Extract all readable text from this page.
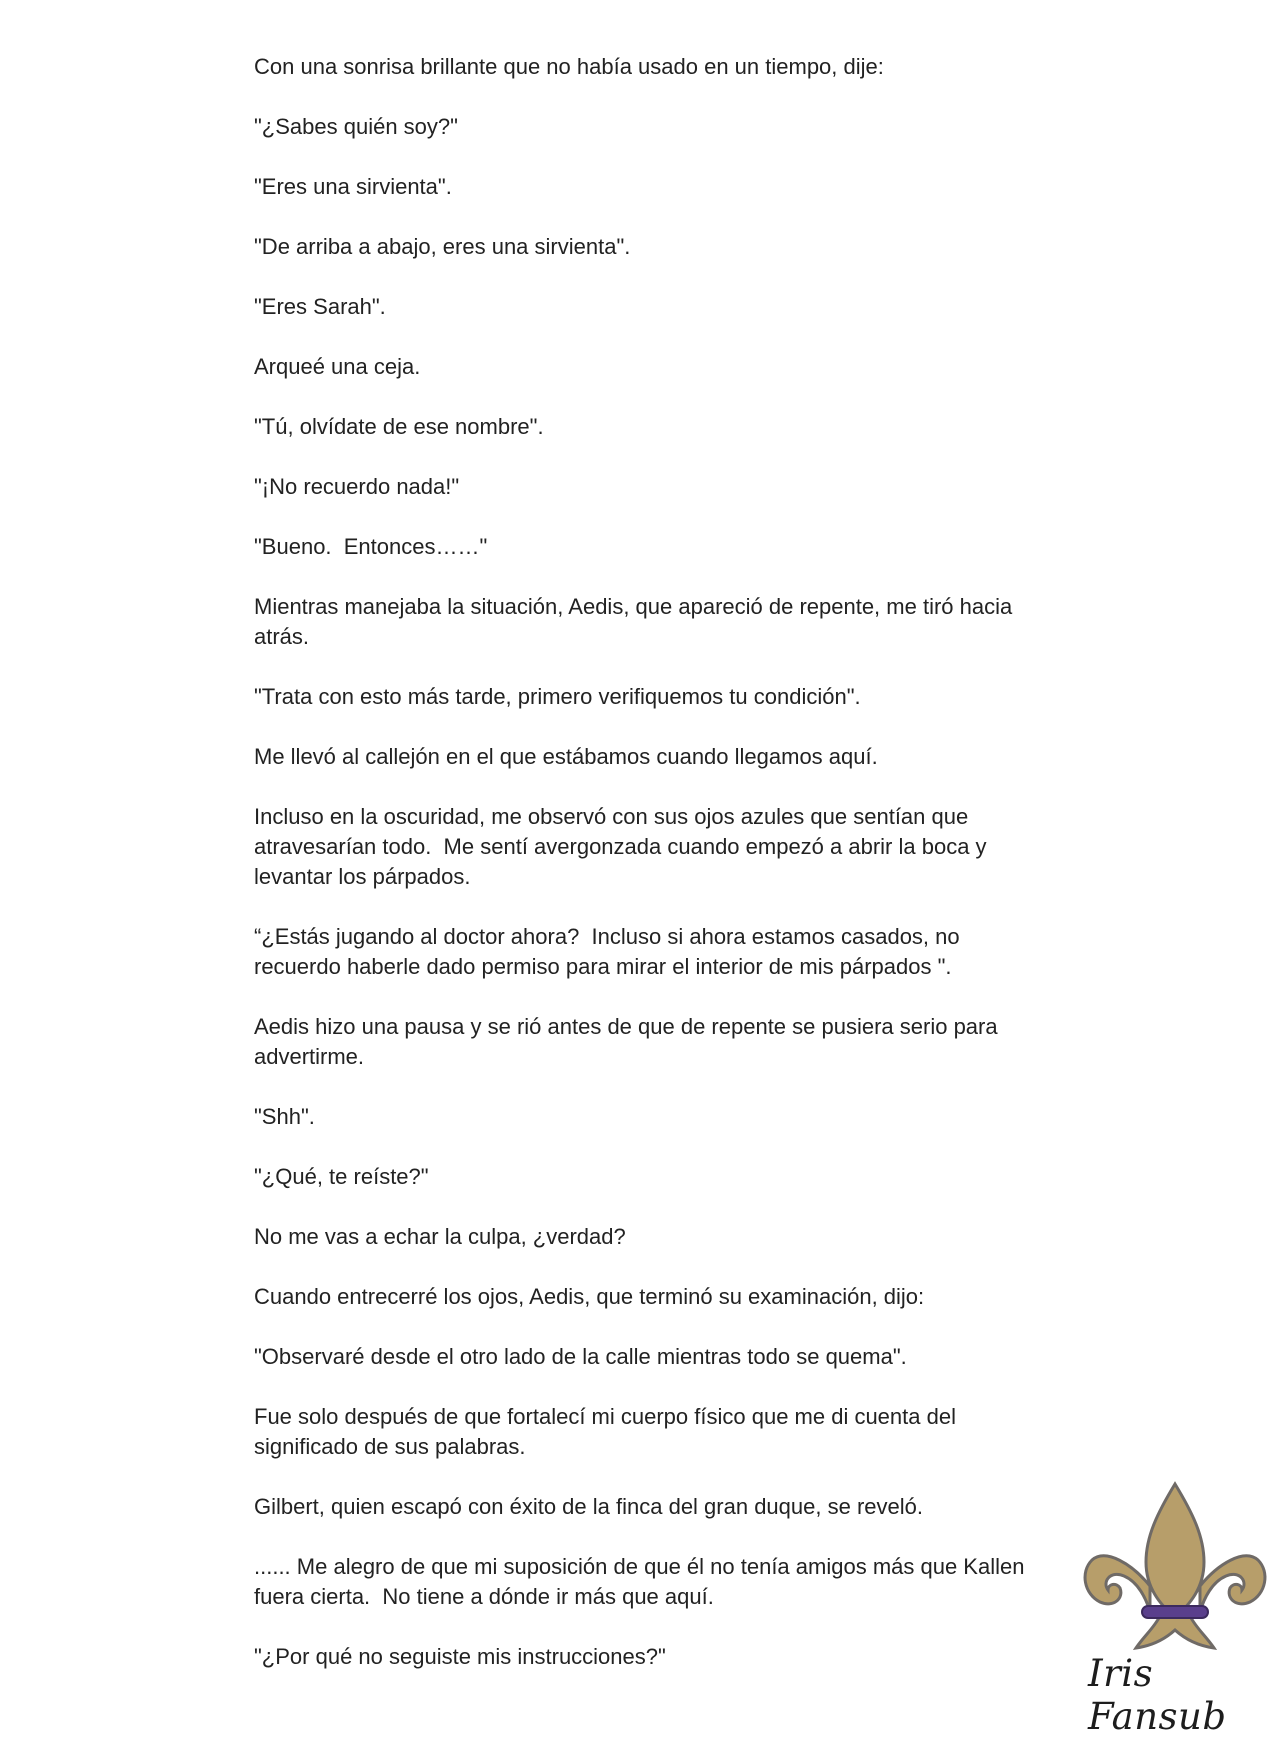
Con una sonrisa brillante que no había usado en un tiempo, dije:

"¿Sabes quién soy?"

"Eres una sirvienta".

"De arriba a abajo, eres una sirvienta".

"Eres Sarah".

Arqueé una ceja.

"Tú, olvídate de ese nombre".

"¡No recuerdo nada!"

"Bueno.  Entonces……"

Mientras manejaba la situación, Aedis, que apareció de repente, me tiró hacia atrás.

"Trata con esto más tarde, primero verifiquemos tu condición".

Me llevó al callejón en el que estábamos cuando llegamos aquí.

Incluso en la oscuridad, me observó con sus ojos azules que sentían que atravesarían todo.  Me sentí avergonzada cuando empezó a abrir la boca y levantar los párpados.

“¿Estás jugando al doctor ahora?  Incluso si ahora estamos casados, no recuerdo haberle dado permiso para mirar el interior de mis párpados ".

Aedis hizo una pausa y se rió antes de que de repente se pusiera serio para advertirme.

"Shh".

"¿Qué, te reíste?"

No me vas a echar la culpa, ¿verdad?

Cuando entrecerré los ojos, Aedis, que terminó su examinación, dijo:

"Observaré desde el otro lado de la calle mientras todo se quema".

Fue solo después de que fortalecí mi cuerpo físico que me di cuenta del significado de sus palabras.

Gilbert, quien escapó con éxito de la finca del gran duque, se reveló.

...... Me alegro de que mi suposición de que él no tenía amigos más que Kallen fuera cierta.  No tiene a dónde ir más que aquí.

"¿Por qué no seguiste mis instrucciones?"	Iris Fansub
